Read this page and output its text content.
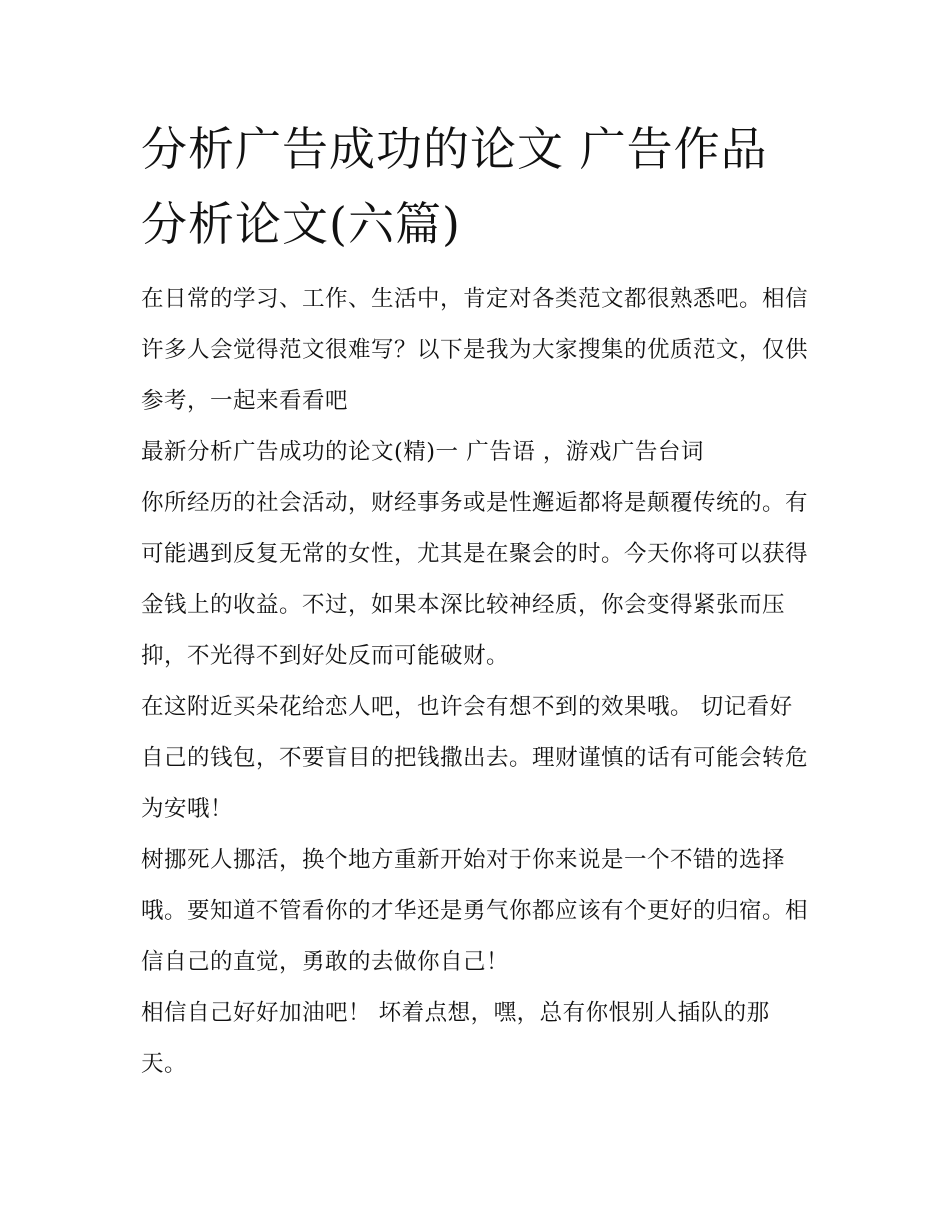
分析广告成功的论文 广告作品分析论文(六篇)

在日常的学习、工作、生活中，肯定对各类范文都很熟悉吧。相信许多人会觉得范文很难写？以下是我为大家搜集的优质范文，仅供参考，一起来看看吧

最新分析广告成功的论文(精)一 广告语 ，游戏广告台词

你所经历的社会活动，财经事务或是性邂逅都将是颠覆传统的。有可能遇到反复无常的女性，尤其是在聚会的时。今天你将可以获得金钱上的收益。不过，如果本深比较神经质，你会变得紧张而压抑，不光得不到好处反而可能破财。

在这附近买朵花给恋人吧，也许会有想不到的效果哦。 切记看好自己的钱包，不要盲目的把钱撒出去。理财谨慎的话有可能会转危为安哦！

树挪死人挪活，换个地方重新开始对于你来说是一个不错的选择哦。要知道不管看你的才华还是勇气你都应该有个更好的归宿。相信自己的直觉，勇敢的去做你自己！

相信自己好好加油吧！ 坏着点想，嘿，总有你恨别人插队的那天。
